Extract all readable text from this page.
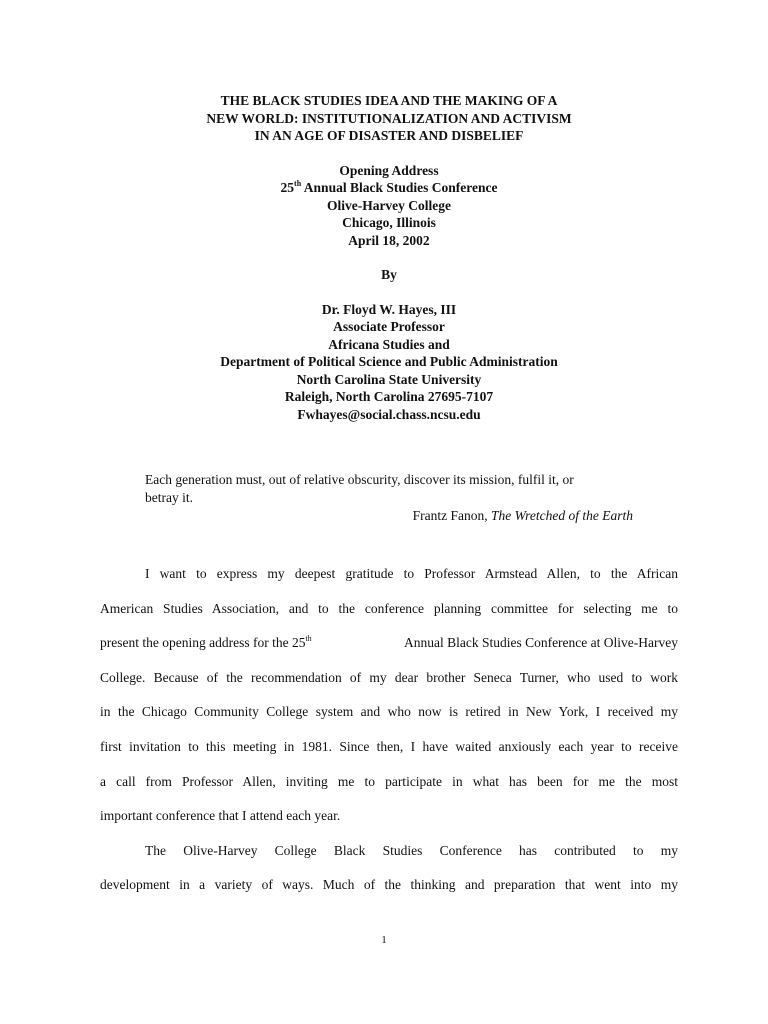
THE BLACK STUDIES IDEA AND THE MAKING OF A
NEW WORLD: INSTITUTIONALIZATION AND ACTIVISM
IN AN AGE OF DISASTER AND DISBELIEF
Opening Address
25th Annual Black Studies Conference
Olive-Harvey College
Chicago, Illinois
April 18, 2002
By
Dr. Floyd W. Hayes, III
Associate Professor
Africana Studies and
Department of Political Science and Public Administration
North Carolina State University
Raleigh, North Carolina 27695-7107
Fwhayes@social.chass.ncsu.edu
Each generation must, out of relative obscurity, discover its mission, fulfil it, or
betray it.
Frantz Fanon, The Wretched of the Earth
I want to express my deepest gratitude to Professor Armstead Allen, to the African
American Studies Association, and to the conference planning committee for selecting me to
present the opening address for the 25th	Annual Black Studies Conference at Olive-Harvey
College. Because of the recommendation of my dear brother Seneca Turner, who used to work
in the Chicago Community College system and who now is retired in New York, I received my
first invitation to this meeting in 1981. Since then, I have waited anxiously each year to receive
a call from Professor Allen, inviting me to participate in what has been for me the most
important conference that I attend each year.
The Olive-Harvey College Black Studies Conference has contributed to my
development in a variety of ways. Much of the thinking and preparation that went into my
1
